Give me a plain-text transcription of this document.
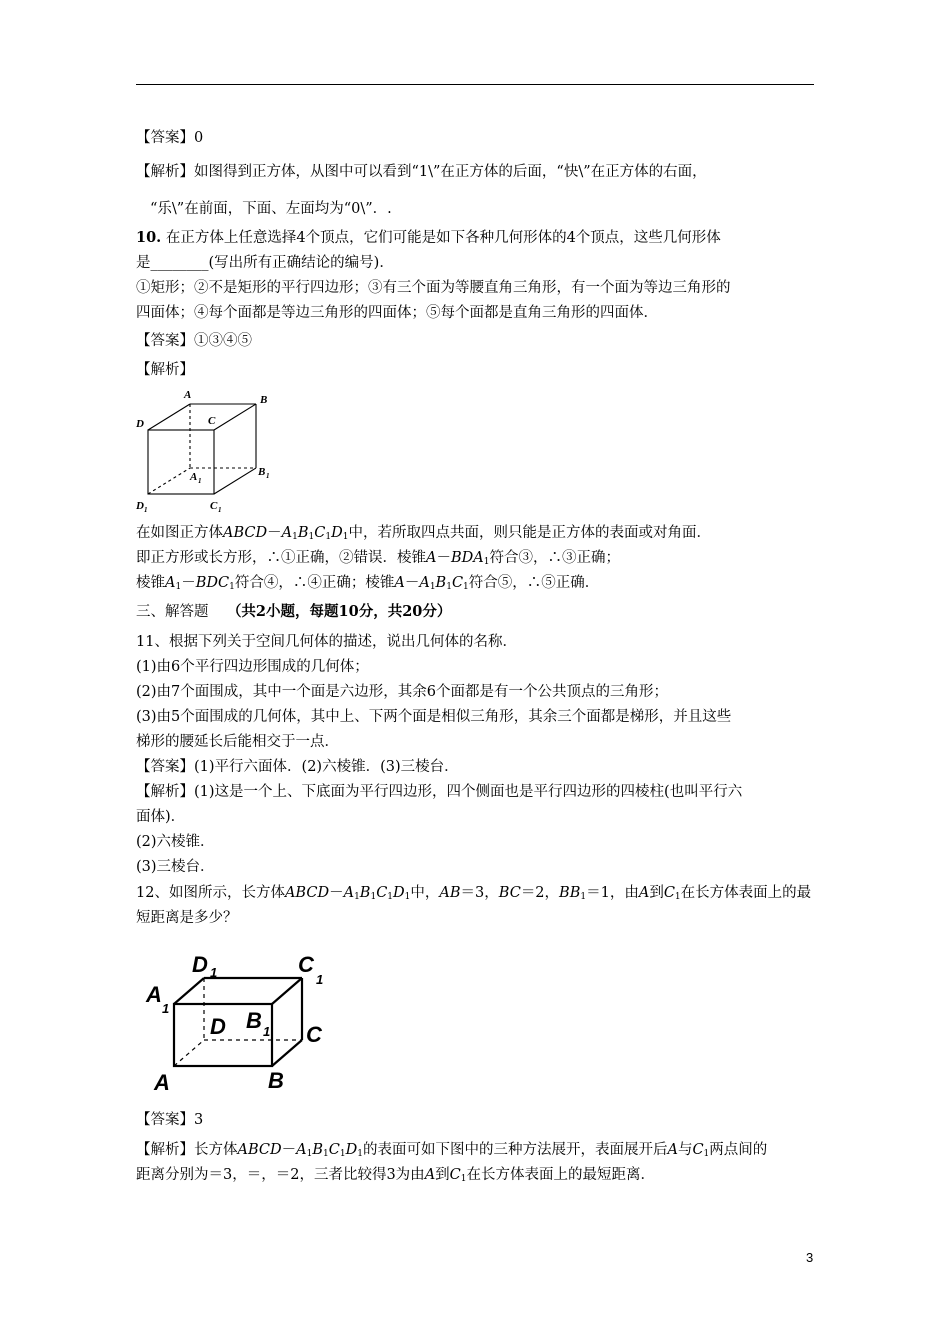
【答案】0
【解析】如图得到正方体，从图中可以看到“1\”在正方体的后面，“快\”在正方体的右面，
“乐\”在前面，下面、左面均为“0\”．.
10. 在正方体上任意选择4个顶点，它们可能是如下各种几何形体的4个顶点，这些几何形体
是________(写出所有正确结论的编号)．
①矩形；②不是矩形的平行四边形；③有三个面为等腰直角三角形，有一个面为等边三角形的
四面体；④每个面都是等边三角形的四面体；⑤每个面都是直角三角形的四面体．
【答案】①③④⑤
【解析】
A	B
C
D
A 1
B 1
C 1
D 1
在如图正方体$ABCD-A_1B_1C_1D_1$中，若所取四点共面，则只能是正方体的表面或对角面．
即正方形或长方形，∴①正确，②错误．棱锥$A-BDA_1$符合③，∴③正确；
棱锥$A_1-BDC_1$符合④，∴④正确；棱锥$A-A_1B_1C_1$符合⑤，∴⑤正确．
三、解答题 （共2小题，每题10分，共20分）
11、根据下列关于空间几何体的描述，说出几何体的名称．
(1)由6个平行四边形围成的几何体；
(2)由7个面围成，其中一个面是六边形，其余6个面都是有一个公共顶点的三角形；
(3)由5个面围成的几何体，其中上、下两个面是相似三角形，其余三个面都是梯形，并且这些
梯形的腰延长后能相交于一点．
【答案】(1)平行六面体．(2)六棱锥．(3)三棱台．
【解析】(1)这是一个上、下底面为平行四边形，四个侧面也是平行四边形的四棱柱(也叫平行六
面体)．
(2)六棱锥．
(3)三棱台．
12、如图所示，长方体$ABCD-A_1B_1C_1D_1$中，AB＝3，BC＝2，$BB_1=1$，由A到$C_1$在长方体表面上的最
短距离是多少？
D 1	C
1
A
1
D B 1 C
A	B
【答案】3
【解析】长方体$ABCD-A_1B_1C_1D_1$的表面可如下图中的三种方法展开，表面展开后A与$C_1$两点间的
距离分别为＝3，＝，＝2，三者比较得3为由A到$C_1$在长方体表面上的最短距离．
3
